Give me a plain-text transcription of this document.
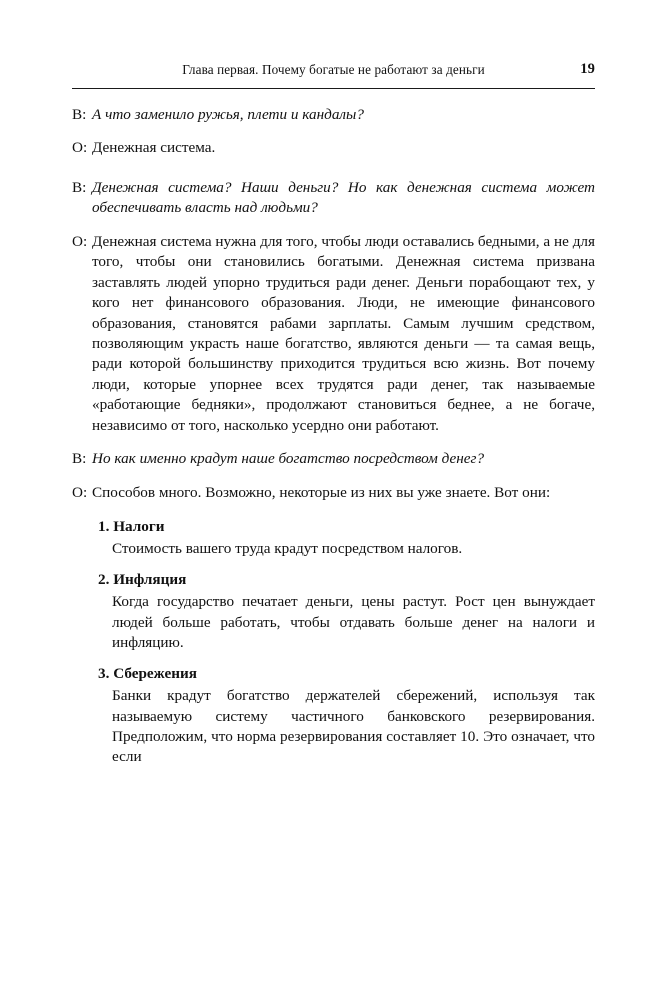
Глава первая. Почему богатые не работают за деньги	19
В: А что заменило ружья, плети и кандалы?
О: Денежная система.
В: Денежная система? Наши деньги? Но как денежная система может обеспечивать власть над людьми?
О: Денежная система нужна для того, чтобы люди оставались бедными, а не для того, чтобы они становились богатыми. Денежная система призвана заставлять людей упорно трудиться ради денег. Деньги порабощают тех, у кого нет финансового образования. Люди, не имеющие финансового образования, становятся рабами зарплаты. Самым лучшим средством, позволяющим украсть наше богатство, являются деньги — та самая вещь, ради которой большинству приходится трудиться всю жизнь. Вот почему люди, которые упорнее всех трудятся ради денег, так называемые «работающие бедняки», продолжают становиться беднее, а не богаче, независимо от того, насколько усердно они работают.
В: Но как именно крадут наше богатство посредством денег?
О: Способов много. Возможно, некоторые из них вы уже знаете. Вот они:
1. Налоги
Стоимость вашего труда крадут посредством налогов.
2. Инфляция
Когда государство печатает деньги, цены растут. Рост цен вынуждает людей больше работать, чтобы отдавать больше денег на налоги и инфляцию.
3. Сбережения
Банки крадут богатство держателей сбережений, используя так называемую систему частичного банковского резервирования. Предположим, что норма резервирования составляет 10. Это означает, что если
